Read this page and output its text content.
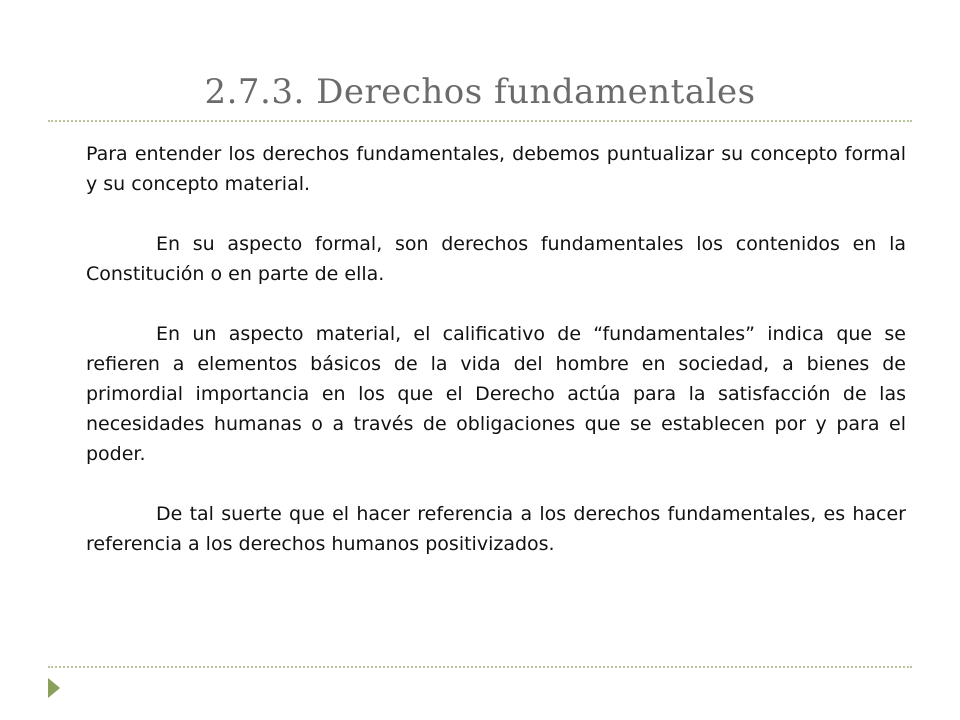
2.7.3. Derechos fundamentales

Para entender los derechos fundamentales, debemos puntualizar su concepto formal y su concepto material.

En su aspecto formal, son derechos fundamentales los contenidos en la Constitución o en parte de ella.

En un aspecto material, el calificativo de “fundamentales” indica que se refieren a elementos básicos de la vida del hombre en sociedad, a bienes de primordial importancia en los que el Derecho actúa para la satisfacción de las necesidades humanas o a través de obligaciones que se establecen por y para el poder.

De tal suerte que el hacer referencia a los derechos fundamentales, es hacer referencia a los derechos humanos positivizados.
